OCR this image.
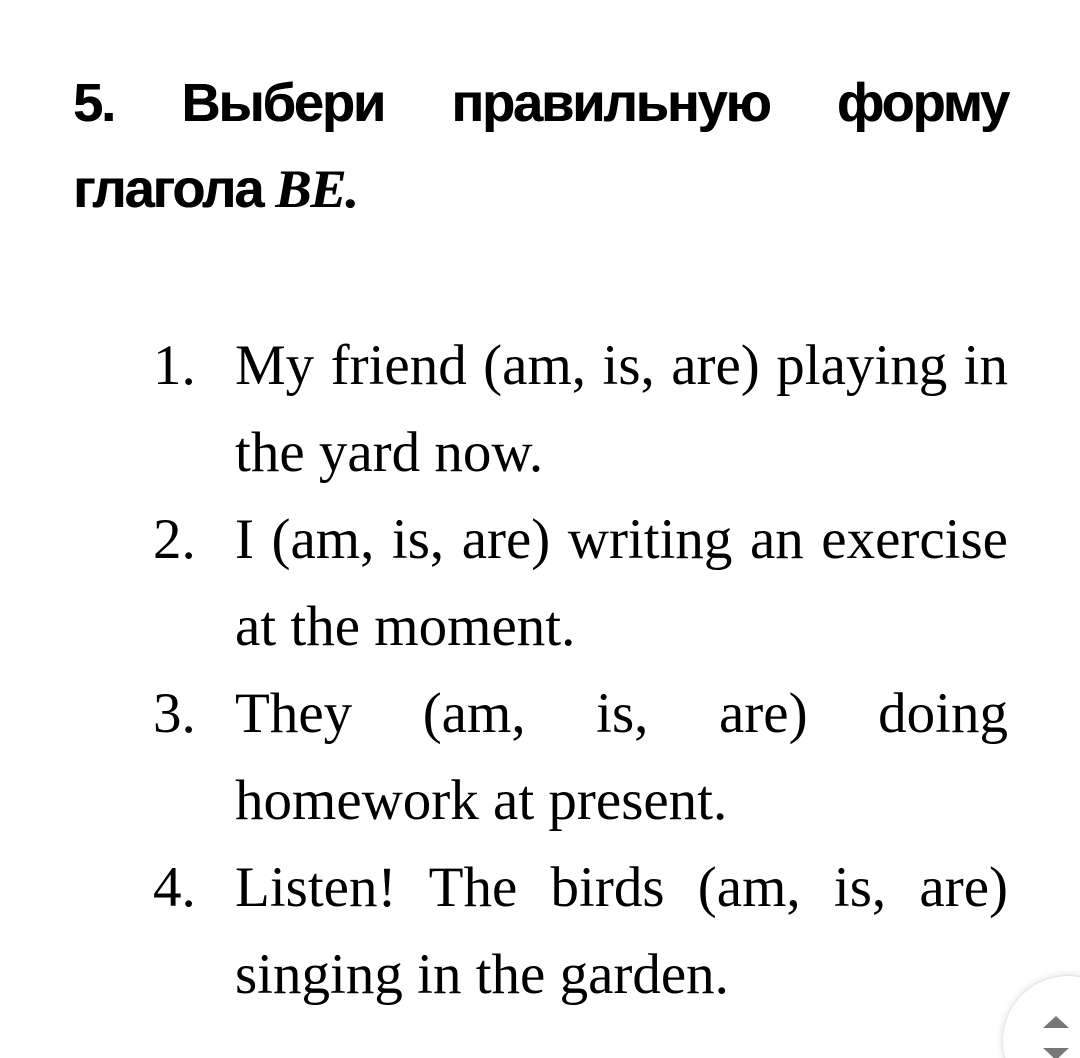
5. Выбери правильную форму глагола BE.
1. My friend (am, is, are) playing in the yard now.
2. I (am, is, are) writing an exercise at the moment.
3. They (am, is, are) doing homework at present.
4. Listen! The birds (am, is, are) singing in the garden.
